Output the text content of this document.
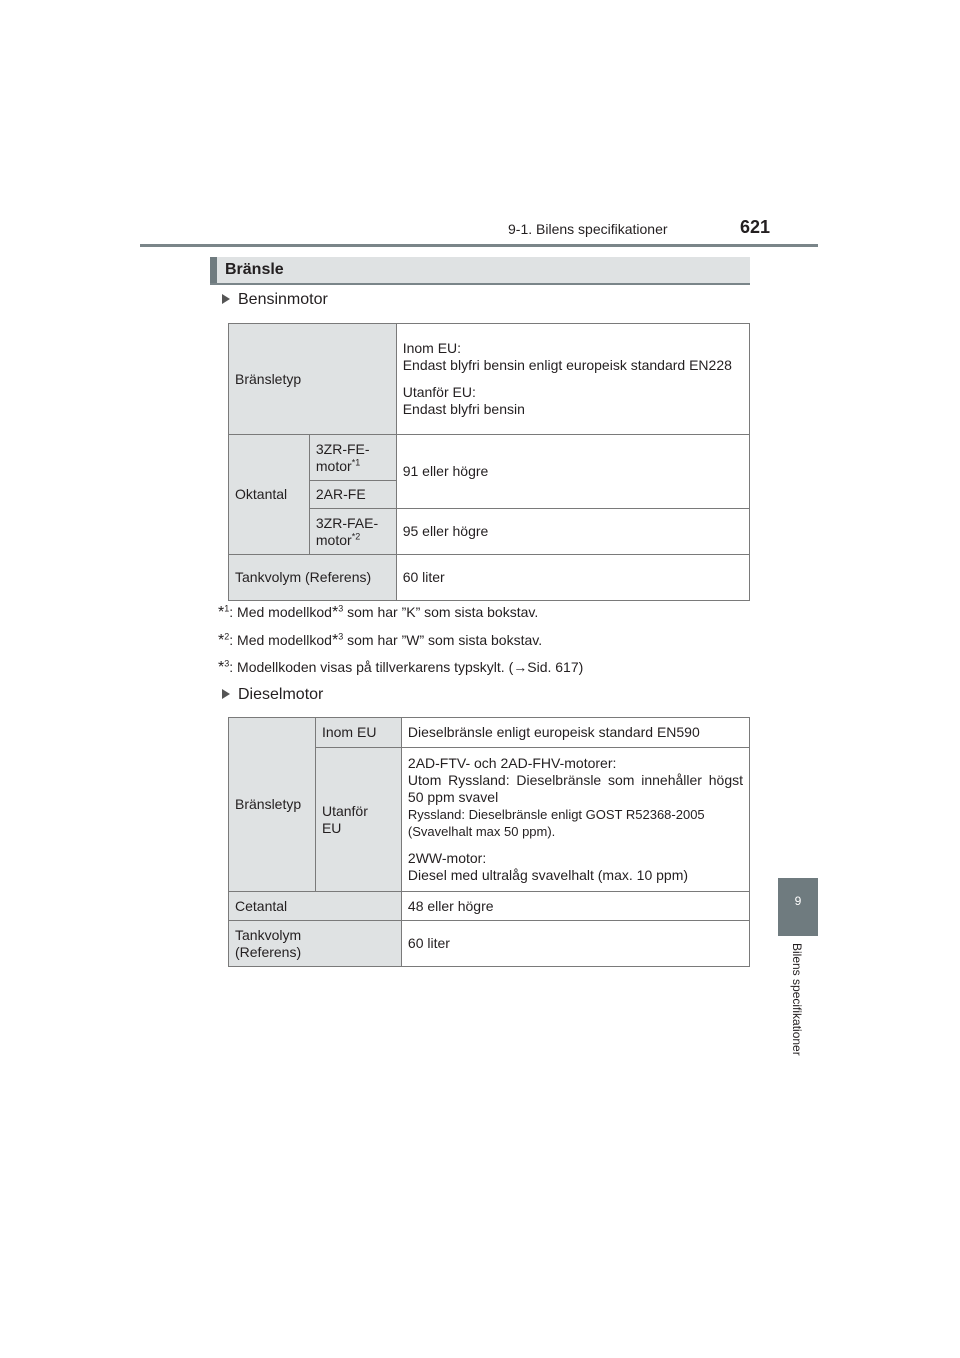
9-1. Bilens specifikationer	621
9
Bilens specifikationer
Bränsle
Bensinmotor
Bränsletyp		Inom EU:
Endast blyfri bensin enligt europeisk standard EN228
Utanför EU:
Endast blyfri bensin

Oktantal	3ZR-FE-motor$^{*1}$	91 eller högre
	2AR-FE	
	3ZR-FAE-motor$^{*2}$	95 eller högre
Tankvolym (Referens)		60 liter
*$^1$: Med modellkod*$^3$ som har ”K” som sista bokstav.
*$^2$: Med modellkod*$^3$ som har ”W” som sista bokstav.
*$^3$: Modellkoden visas på tillverkarens typskylt. (→Sid. 617)
Dieselmotor
Bränsletyp	Inom EU	Dieselbränsle enligt europeisk standard EN590

	Utanför EU	2AD-FTV- och 2AD-FHV-motorer:
Utom Ryssland: Dieselbränsle som innehåller högst 50 ppm svavel
Ryssland: Dieselbränsle enligt GOST R52368-2005 (Svavelhalt max 50 ppm).
2WW-motor:
Diesel med ultralåg svavelhalt (max. 10 ppm)

Cetantal		48 eller högre

Tankvolym (Referens)		60 liter
